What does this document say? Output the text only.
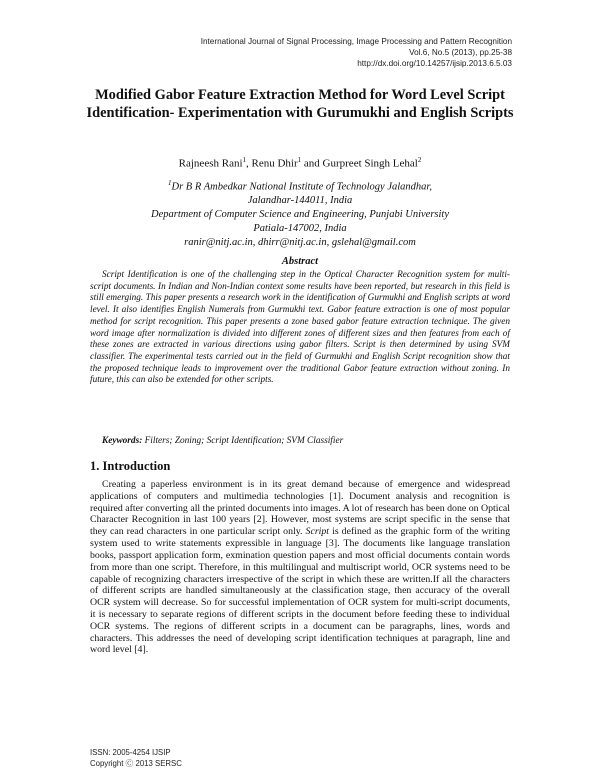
International Journal of Signal Processing, Image Processing and Pattern Recognition
Vol.6, No.5 (2013), pp.25-38
http://dx.doi.org/10.14257/ijsip.2013.6.5.03
Modified Gabor Feature Extraction Method for Word Level Script Identification- Experimentation with Gurumukhi and English Scripts
Rajneesh Rani$^1$, Renu Dhir$^1$ and Gurpreet Singh Lehal$^2$
$^1$Dr B R Ambedkar National Institute of Technology Jalandhar,
Jalandhar-144011, India
Department of Computer Science and Engineering, Punjabi University
Patiala-147002, India
ranir@nitj.ac.in, dhirr@nitj.ac.in, gslehal@gmail.com
Abstract
Script Identification is one of the challenging step in the Optical Character Recognition system for multi-script documents. In Indian and Non-Indian context some results have been reported, but research in this field is still emerging. This paper presents a research work in the identification of Gurmukhi and English scripts at word level. It also identifies English Numerals from Gurmukhi text. Gabor feature extraction is one of most popular method for script recognition. This paper presents a zone based gabor feature extraction technique. The given word image after normalization is divided into different zones of different sizes and then features from each of these zones are extracted in various directions using gabor filters. Script is then determined by using SVM classifier. The experimental tests carried out in the field of Gurmukhi and English Script recognition show that the proposed technique leads to improvement over the traditional Gabor feature extraction without zoning. In future, this can also be extended for other scripts.
Keywords: Filters; Zoning; Script Identification; SVM Classifier
1. Introduction
Creating a paperless environment is in its great demand because of emergence and widespread applications of computers and multimedia technologies [1]. Document analysis and recognition is required after converting all the printed documents into images. A lot of research has been done on Optical Character Recognition in last 100 years [2]. However, most systems are script specific in the sense that they can read characters in one particular script only. Script is defined as the graphic form of the writing system used to write statements expressible in language [3]. The documents like language translation books, passport application form, exmination question papers and most official documents contain words from more than one script. Therefore, in this multilingual and multiscript world, OCR systems need to be capable of recognizing characters irrespective of the script in which these are written.If all the characters of different scripts are handled simultaneously at the classification stage, then accuracy of the overall OCR system will decrease. So for successful implementation of OCR system for multi-script documents, it is necessary to separate regions of different scripts in the document before feeding these to individual OCR systems. The regions of different scripts in a document can be paragraphs, lines, words and characters. This addresses the need of developing script identification techniques at paragraph, line and word level [4].
ISSN: 2005-4254 IJSIP
Copyright Ⓒ 2013 SERSC
